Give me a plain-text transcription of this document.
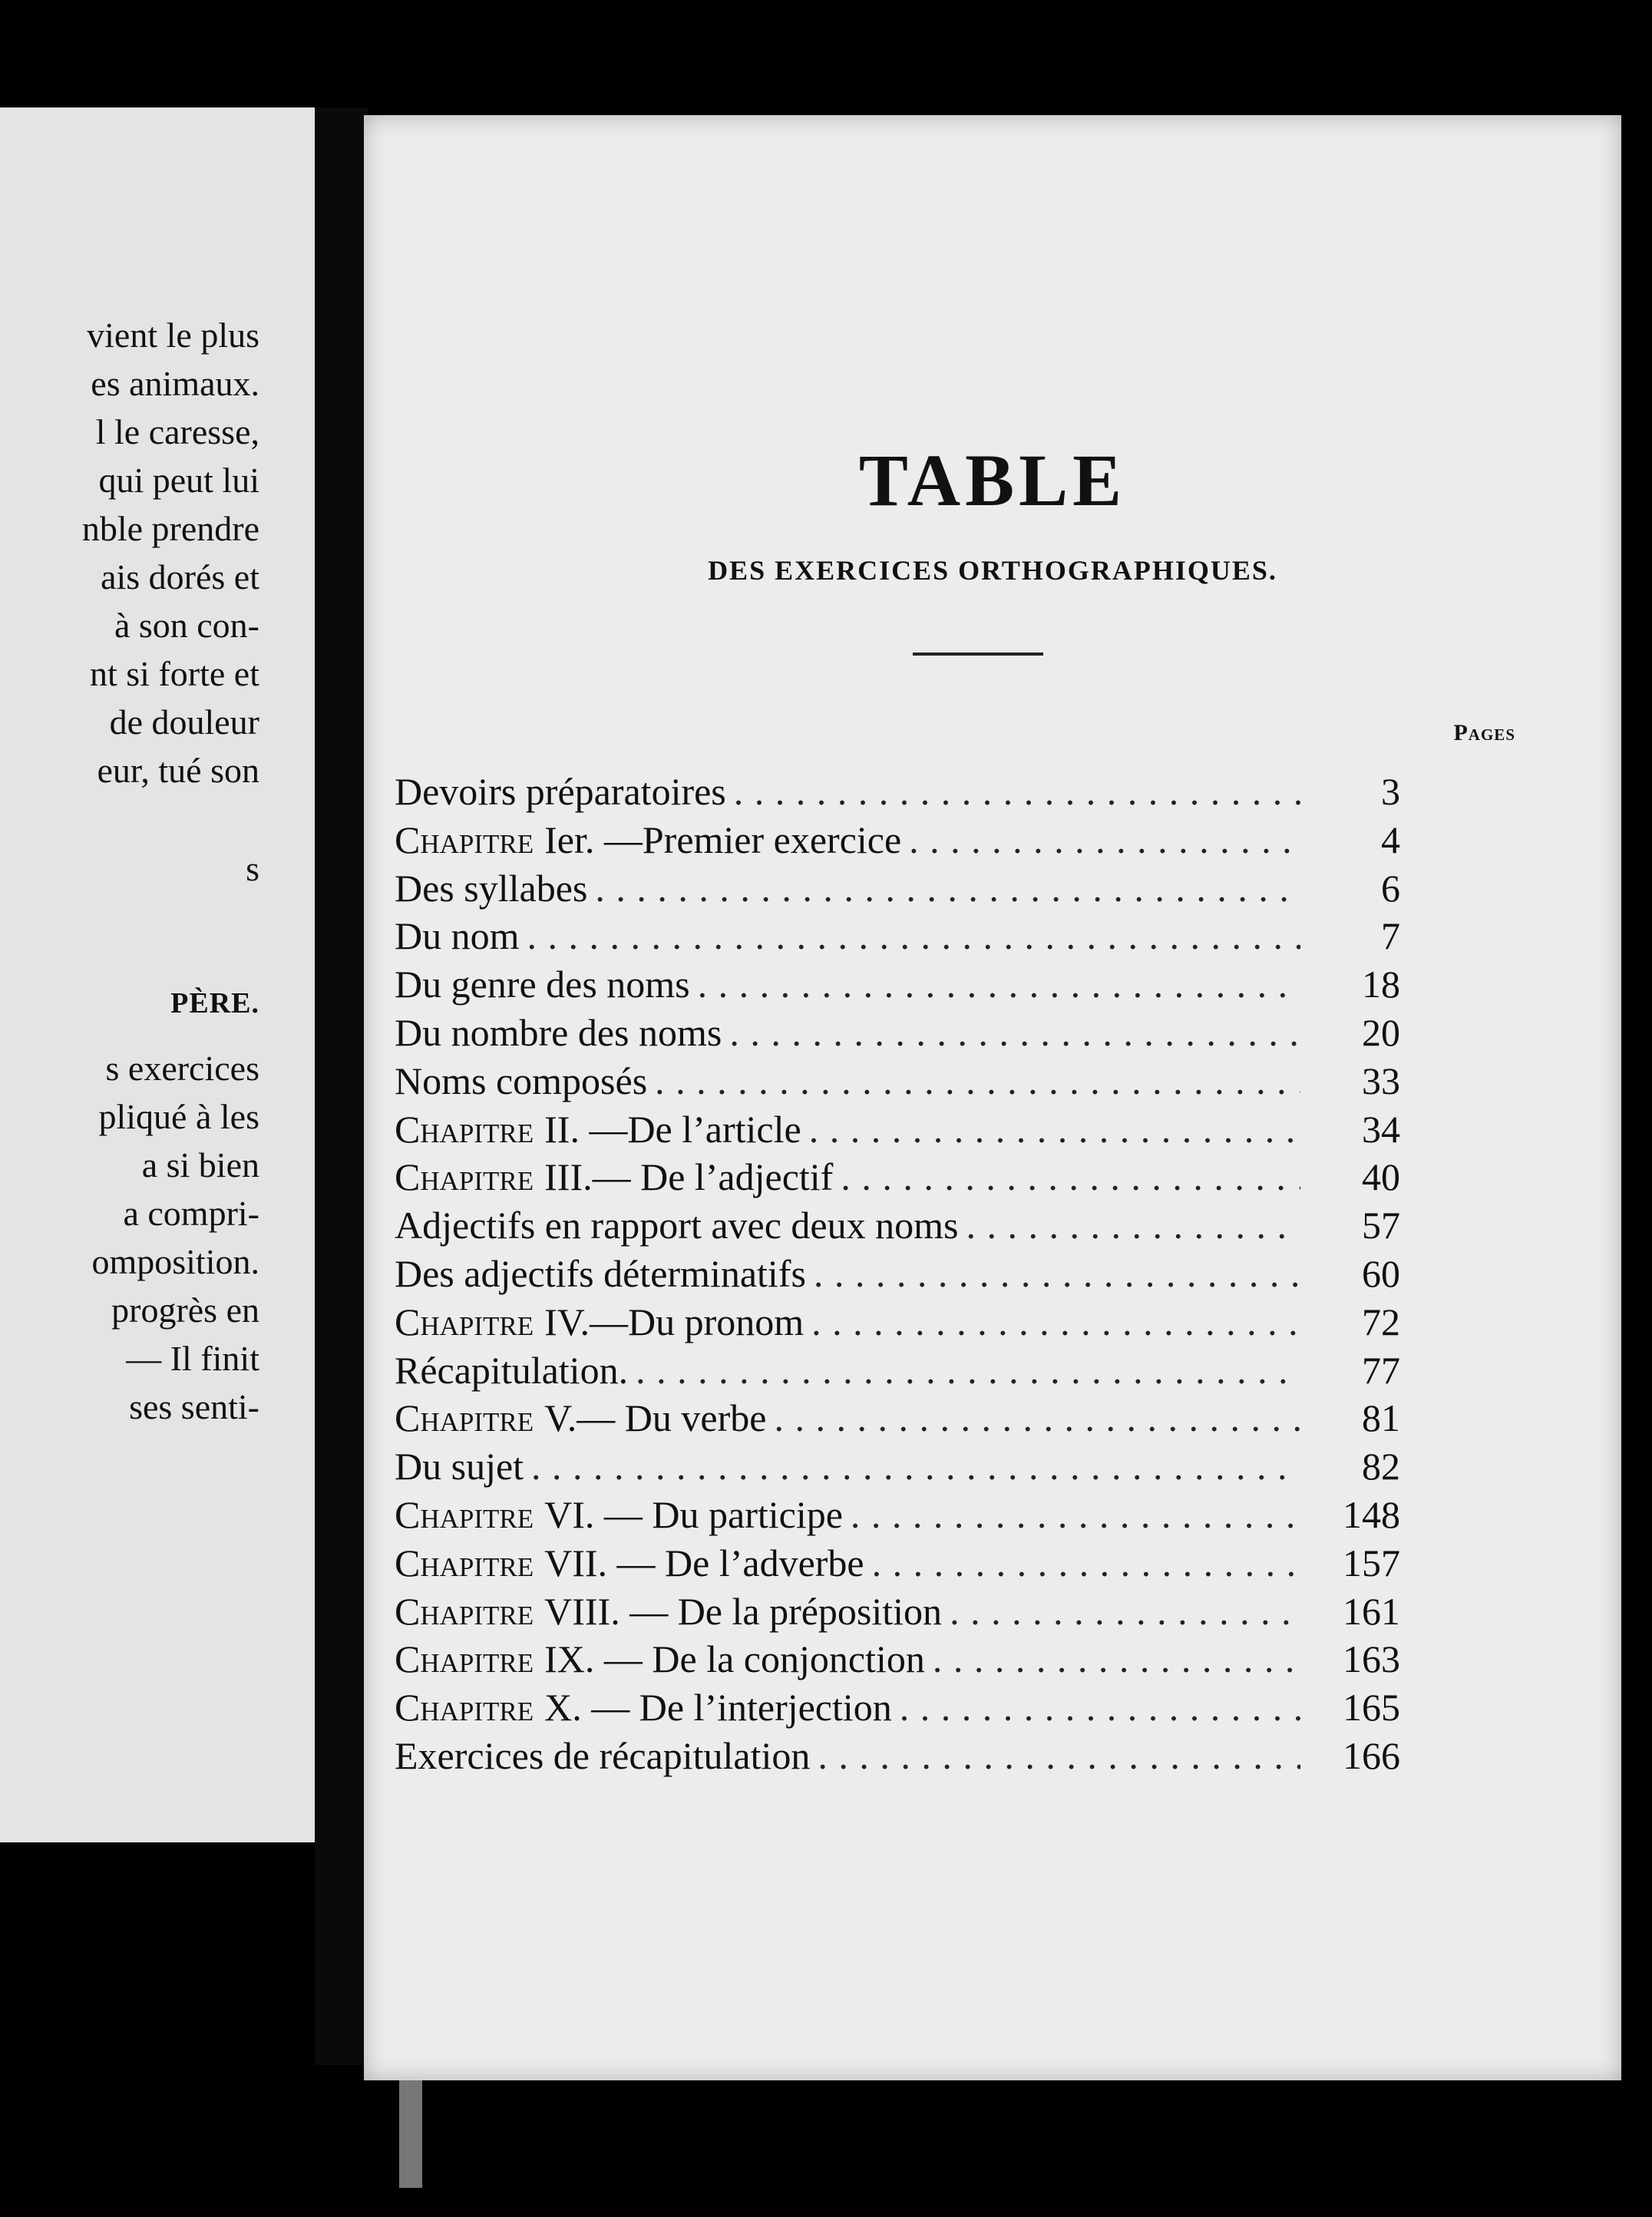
vient le plus
es animaux.
l le caresse,
qui peut lui
nble prendre
ais dorés et
à son con-
nt si forte et
de douleur
eur, tué son
s
PÈRE.
s exercices
pliqué à les
a si bien
a compri-
omposition.
progrès en
— Il finit
ses senti-
TABLE
DES EXERCICES ORTHOGRAPHIQUES.
Pages
Devoirs préparatoires . . .	3
Chapitre Ier. —Premier exercice . . .	4
Des syllabes . . .	6
Du nom . . .	7
Du genre des noms . . .	18
Du nombre des noms . . .	20
Noms composés . . .	33
Chapitre II. —De l’article . . .	34
Chapitre III.— De l’adjectif . . .	40
Adjectifs en rapport avec deux noms . . .	57
Des adjectifs déterminatifs . . .	60
Chapitre IV.—Du pronom . . .	72
Récapitulation. . . .	77
Chapitre V.— Du verbe . . .	81
Du sujet . . .	82
Chapitre VI. — Du participe . . .	148
Chapitre VII. — De l’adverbe . . .	157
Chapitre VIII. — De la préposition . . .	161
Chapitre IX. — De la conjonction . . .	163
Chapitre X. — De l’interjection . . .	165
Exercices de récapitulation . . .	166
